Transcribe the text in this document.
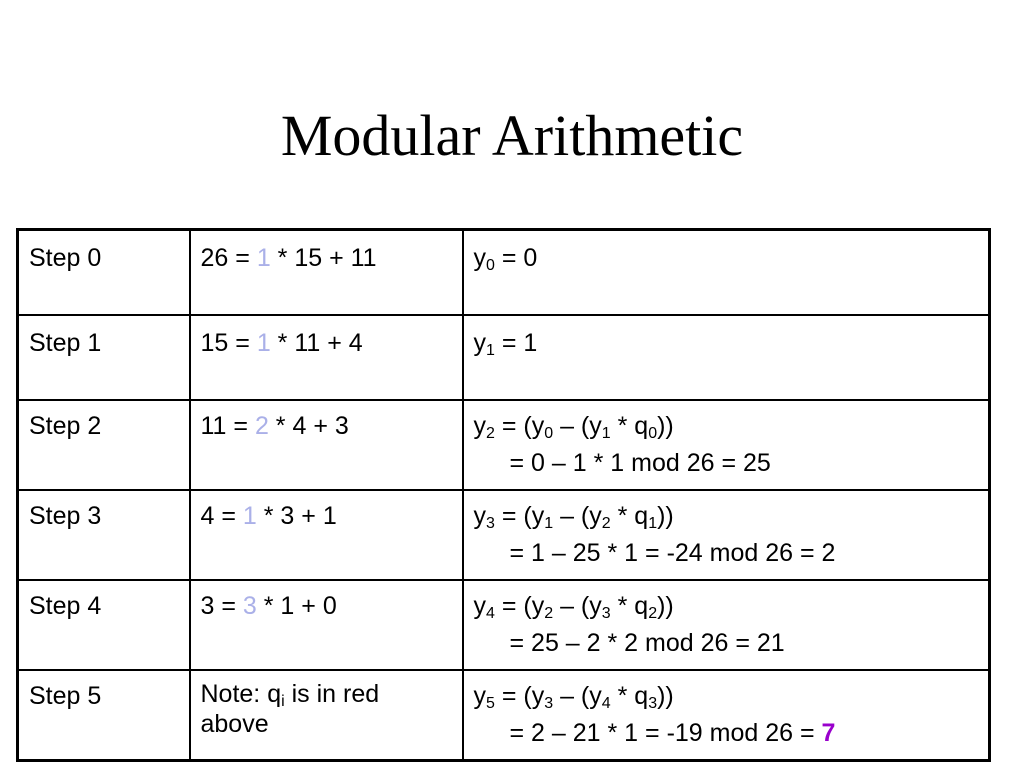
Modular Arithmetic
Step 0	26 = 1 * 15 + 11	$y_0 = 0$
Step 1	15 = 1 * 11 + 4	$y_1 = 1$
Step 2	11 = 2 * 4 + 3	$y_2 = (y_0 - (y_1 * q_0))$
= 0 – 1 * 1 mod 26 = 25

Step 3	4 = 1 * 3 + 1	$y_3 = (y_1 - (y_2 * q_1))$
= 1 – 25 * 1 = -24 mod 26 = 2

Step 4	3 = 3 * 1 + 0	$y_4 = (y_2 - (y_3 * q_2))$
= 25 – 2 * 2 mod 26 = 21

Step 5	Note: $q_i$ is in red above	$y_5 = (y_3 - (y_4 * q_3))$
= 2 – 21 * 1 = -19 mod 26 = 7
